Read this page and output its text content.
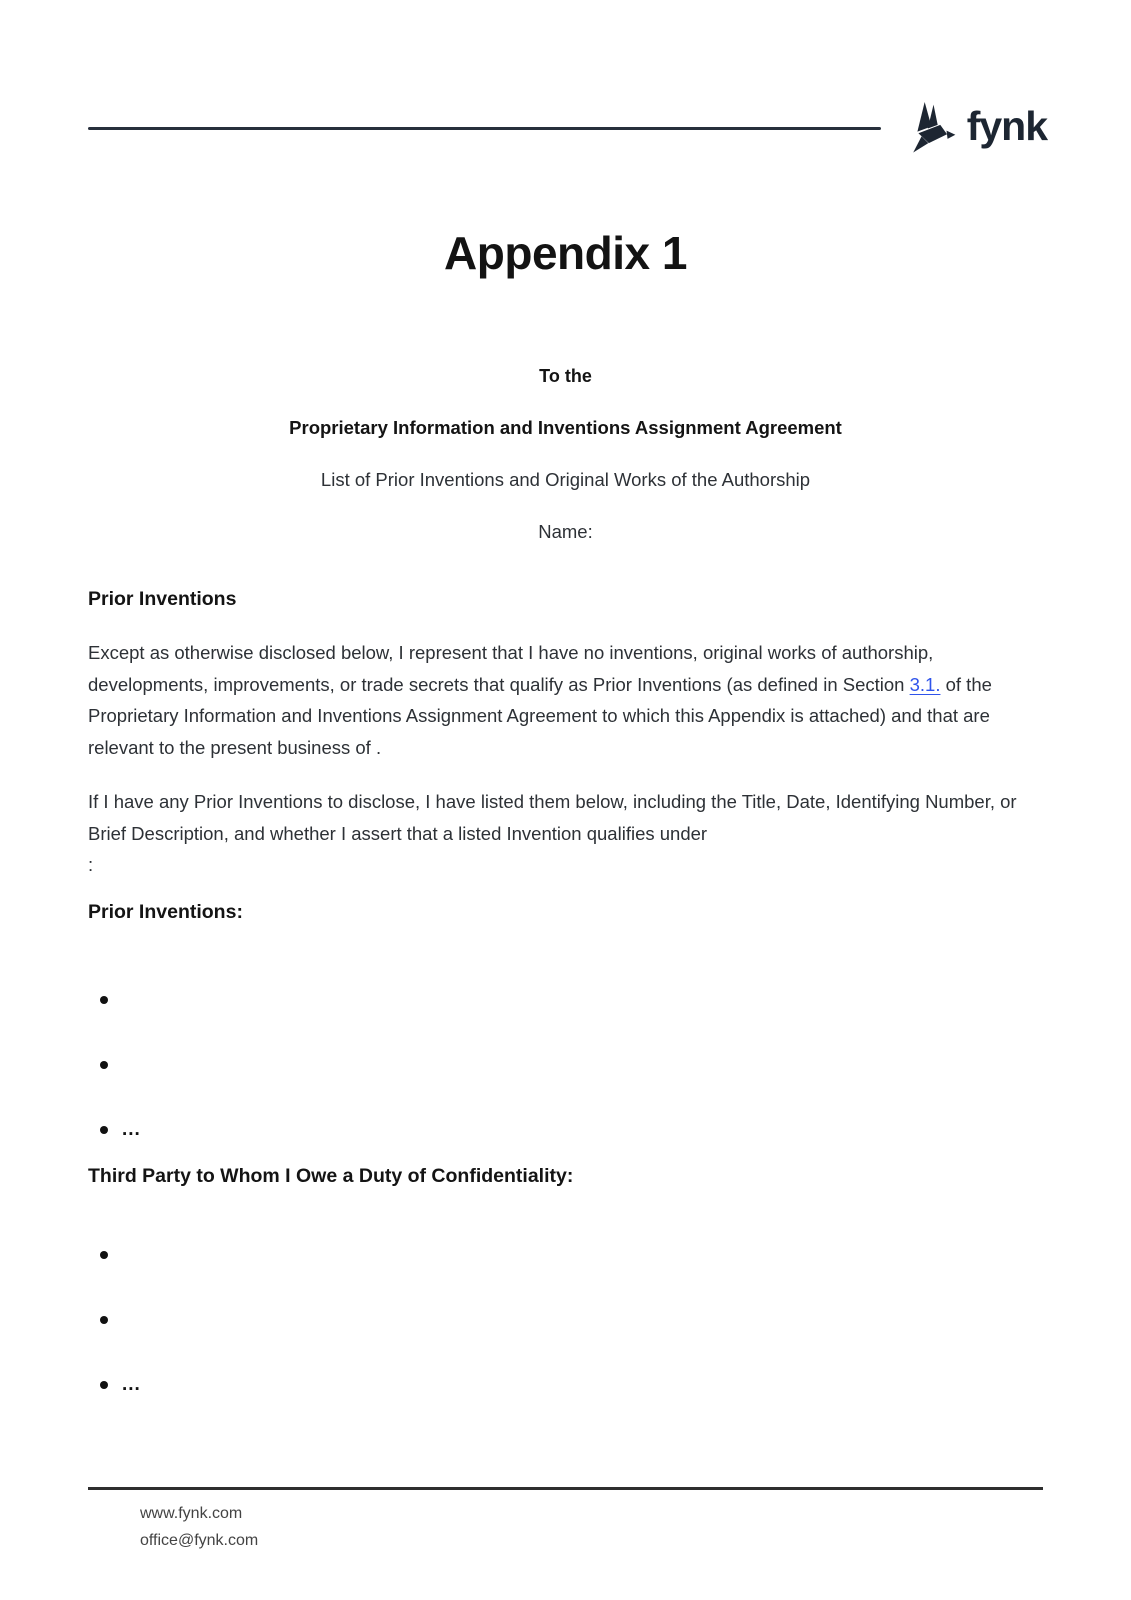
fynk
Appendix 1

To the

Proprietary Information and Inventions Assignment Agreement

List of Prior Inventions and Original Works of the Authorship

Name:

Prior Inventions

Except as otherwise disclosed below, I represent that I have no inventions, original works of authorship, developments, improvements, or trade secrets that qualify as Prior Inventions (as defined in Section 3.1. of the Proprietary Information and Inventions Assignment Agreement to which this Appendix is attached) and that are relevant to the present business of .

If I have any Prior Inventions to disclose, I have listed them below, including the Title, Date, Identifying Number, or Brief Description, and whether I assert that a listed Invention qualifies under
:

Prior Inventions:
...
Third Party to Whom I Owe a Duty of Confidentiality:
...
www.fynk.com
office@fynk.com
